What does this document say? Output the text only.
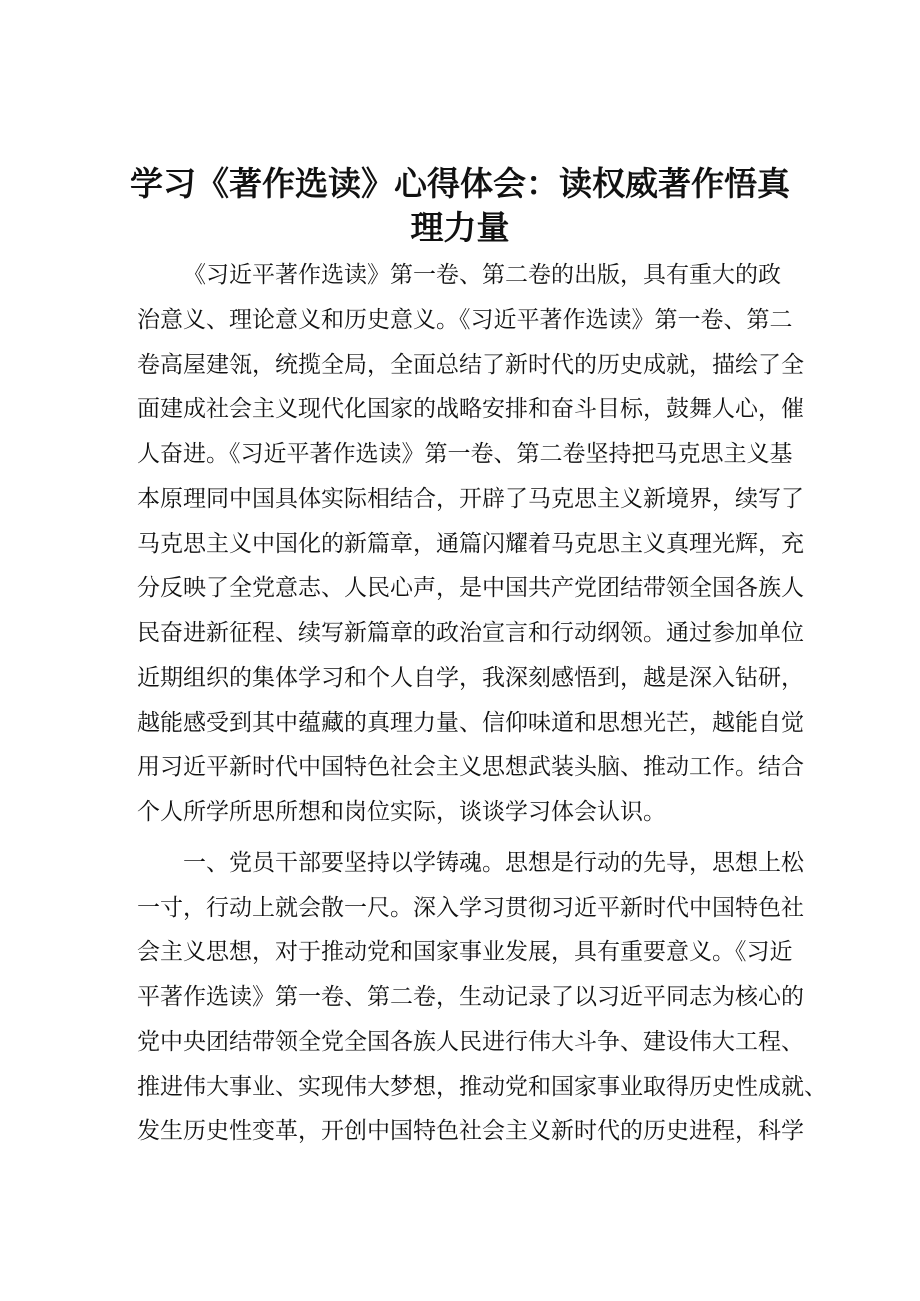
学习《著作选读》心得体会：读权威著作悟真
理力量
《习近平著作选读》第一卷、第二卷的出版，具有重大的政
治意义、理论意义和历史意义。《习近平著作选读》第一卷、第二
卷高屋建瓴，统揽全局，全面总结了新时代的历史成就，描绘了全
面建成社会主义现代化国家的战略安排和奋斗目标，鼓舞人心，催
人奋进。《习近平著作选读》第一卷、第二卷坚持把马克思主义基
本原理同中国具体实际相结合，开辟了马克思主义新境界，续写了
马克思主义中国化的新篇章，通篇闪耀着马克思主义真理光辉，充
分反映了全党意志、人民心声，是中国共产党团结带领全国各族人
民奋进新征程、续写新篇章的政治宣言和行动纲领。通过参加单位
近期组织的集体学习和个人自学，我深刻感悟到，越是深入钻研，
越能感受到其中蕴藏的真理力量、信仰味道和思想光芒，越能自觉
用习近平新时代中国特色社会主义思想武装头脑、推动工作。结合
个人所学所思所想和岗位实际，谈谈学习体会认识。
一、党员干部要坚持以学铸魂。思想是行动的先导，思想上松
一寸，行动上就会散一尺。深入学习贯彻习近平新时代中国特色社
会主义思想，对于推动党和国家事业发展，具有重要意义。《习近
平著作选读》第一卷、第二卷，生动记录了以习近平同志为核心的
党中央团结带领全党全国各族人民进行伟大斗争、建设伟大工程、
推进伟大事业、实现伟大梦想，推动党和国家事业取得历史性成就、
发生历史性变革，开创中国特色社会主义新时代的历史进程，科学
